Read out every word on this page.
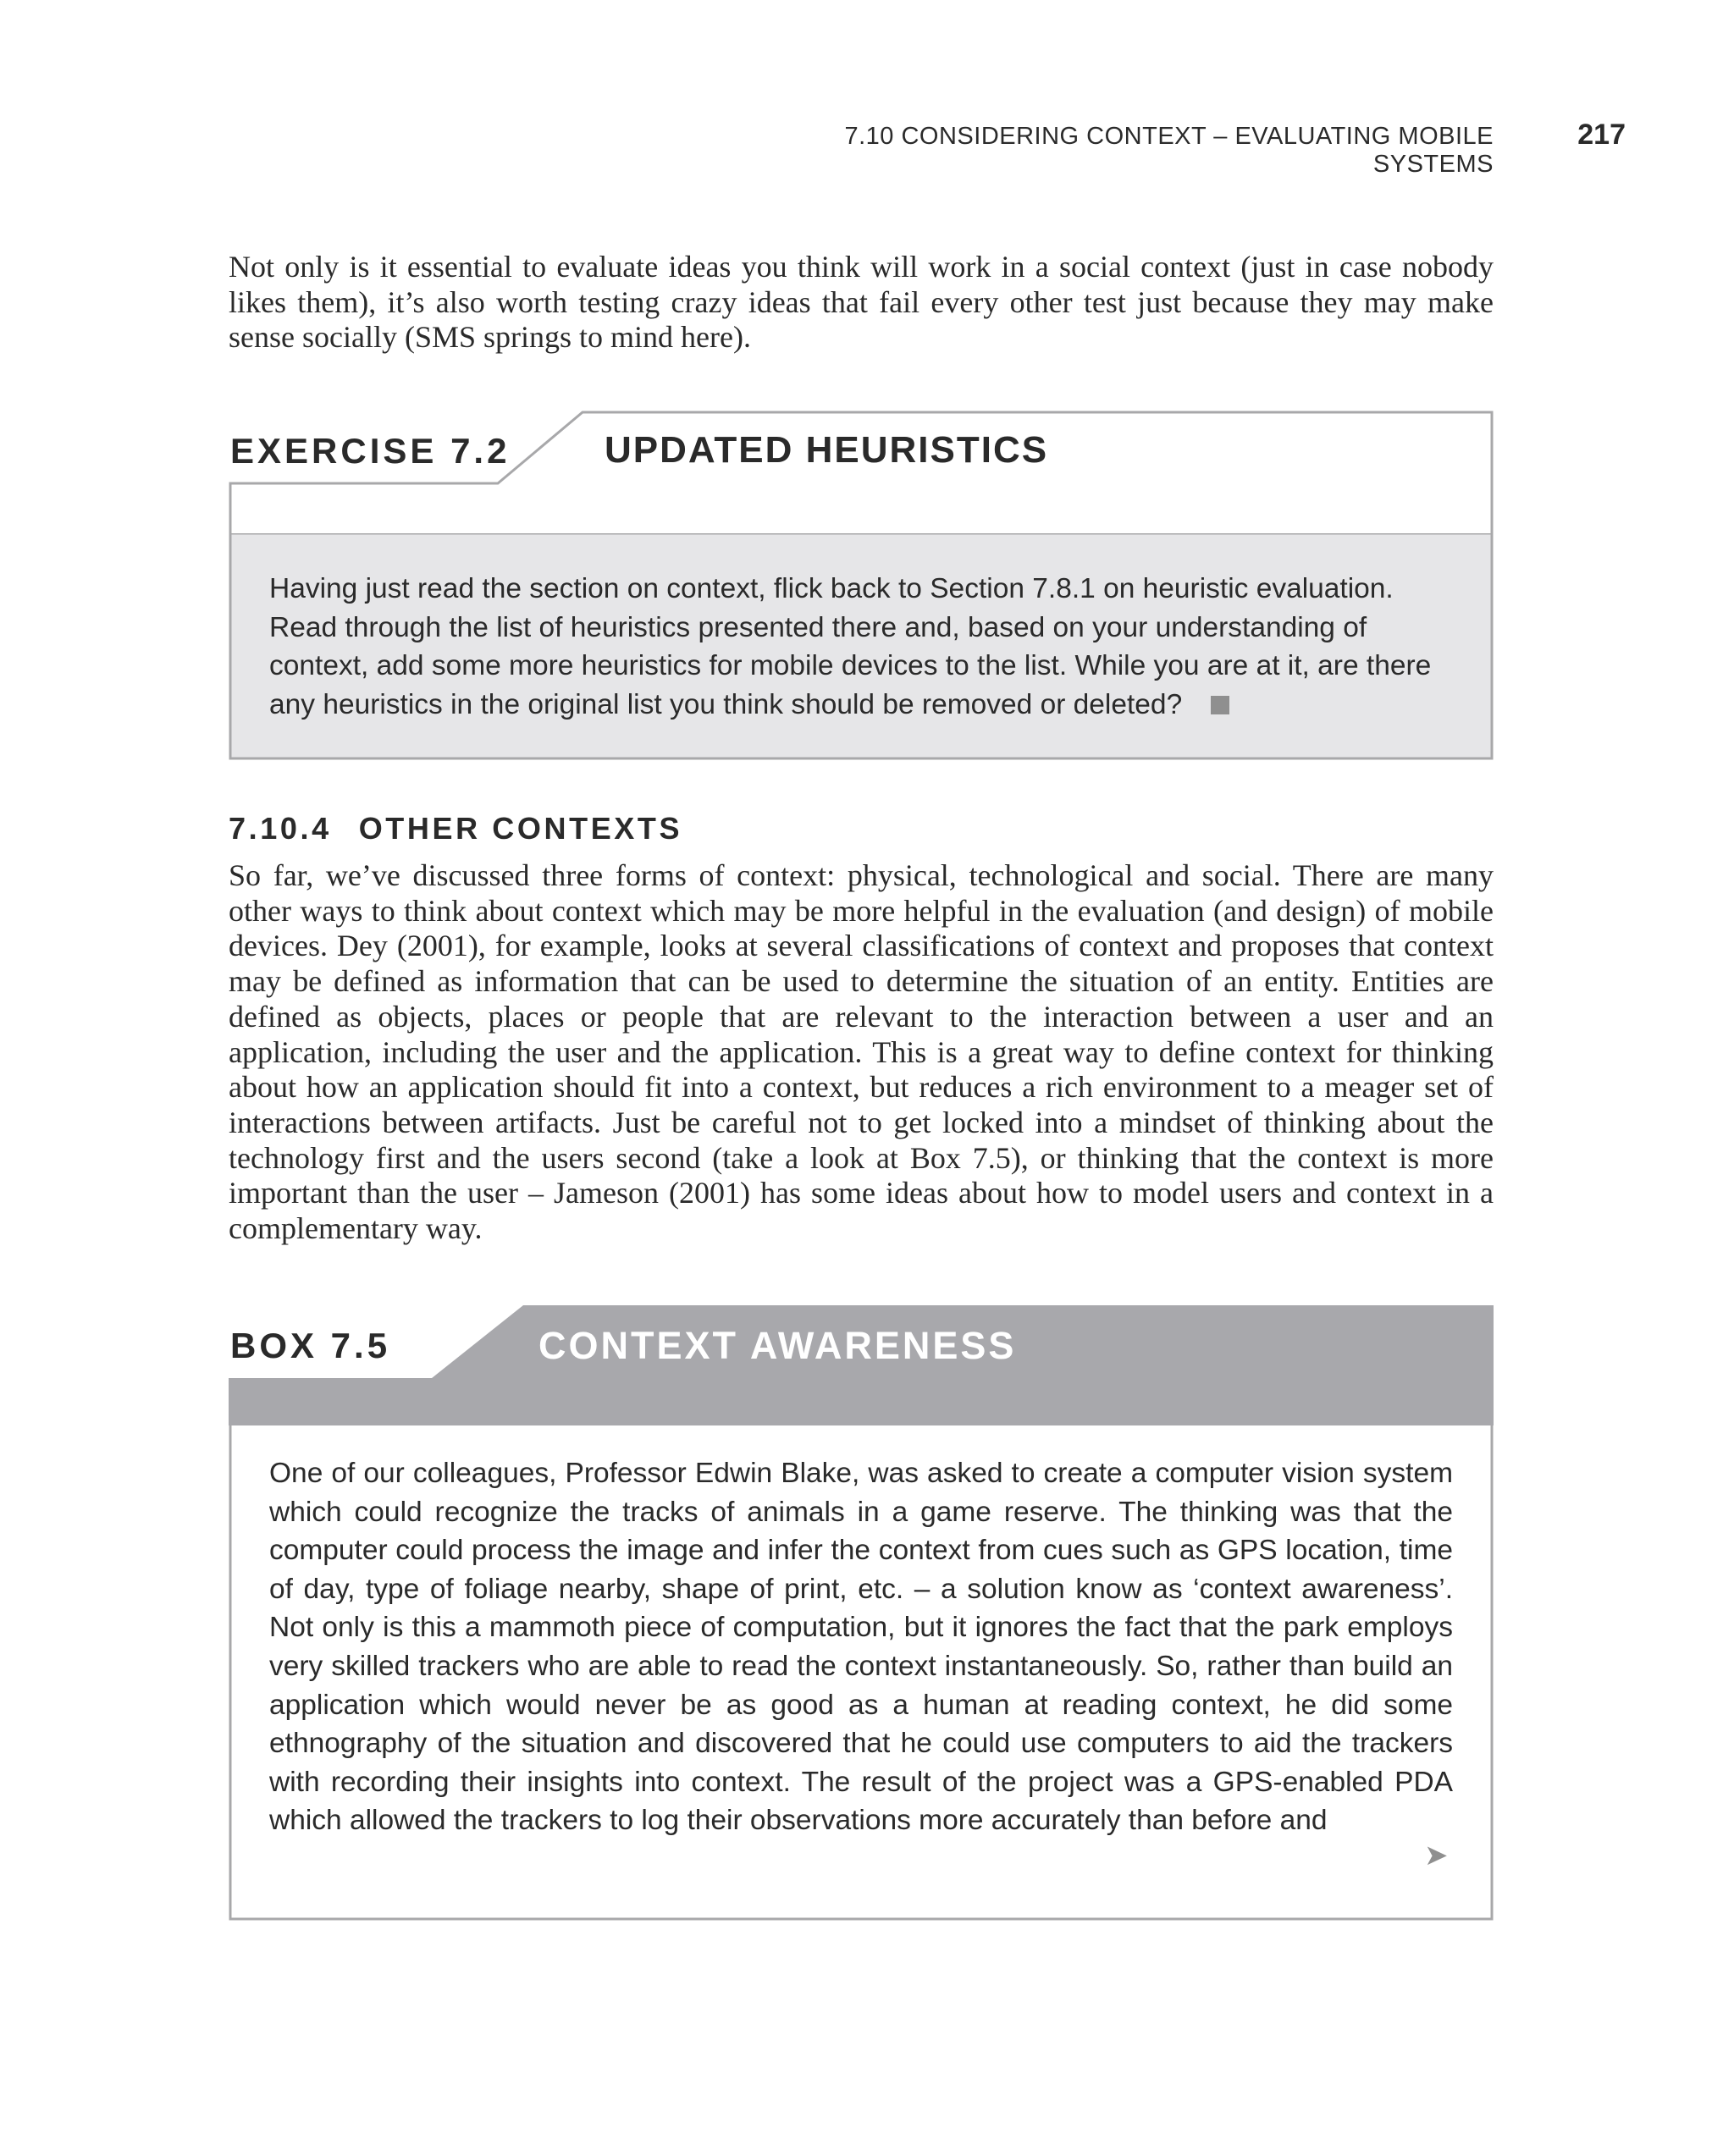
7.10 CONSIDERING CONTEXT – EVALUATING MOBILE SYSTEMS
217

Not only is it essential to evaluate ideas you think will work in a social context (just in case nobody likes them), it’s also worth testing crazy ideas that fail every other test just because they may make sense socially (SMS springs to mind here).

EXERCISE 7.2	UPDATED HEURISTICS
Having just read the section on context, flick back to Section 7.8.1 on heuristic evaluation. Read through the list of heuristics presented there and, based on your understanding of context, add some more heuristics for mobile devices to the list. While you are at it, are there any heuristics in the original list you think should be removed or deleted?
7.10.4 OTHER CONTEXTS

So far, we’ve discussed three forms of context: physical, technological and social. There are many other ways to think about context which may be more helpful in the evaluation (and design) of mobile devices. Dey (2001), for example, looks at several classifications of context and proposes that context may be defined as information that can be used to determine the situation of an entity. Entities are defined as objects, places or people that are relevant to the interaction between a user and an application, including the user and the application. This is a great way to define context for thinking about how an application should fit into a context, but reduces a rich environment to a meager set of interactions between artifacts. Just be careful not to get locked into a mindset of thinking about the technology first and the users second (take a look at Box 7.5), or thinking that the context is more important than the user – Jameson (2001) has some ideas about how to model users and context in a complementary way.

BOX 7.5	CONTEXT AWARENESS
One of our colleagues, Professor Edwin Blake, was asked to create a computer vision system which could recognize the tracks of animals in a game reserve. The thinking was that the computer could process the image and infer the context from cues such as GPS location, time of day, type of foliage nearby, shape of print, etc. – a solution know as ‘context awareness’. Not only is this a mammoth piece of computation, but it ignores the fact that the park employs very skilled trackers who are able to read the context instantaneously. So, rather than build an application which would never be as good as a human at reading context, he did some ethnography of the situation and discovered that he could use computers to aid the trackers with recording their insights into context. The result of the project was a GPS-enabled PDA which allowed the trackers to log their observations more accurately than before and
➤
